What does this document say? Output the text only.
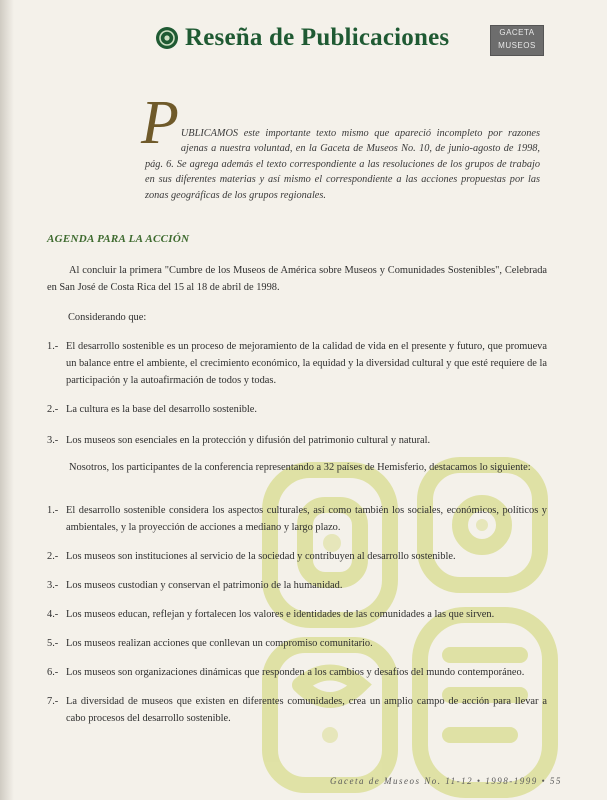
Reseña de Publicaciones	GACETA MUSEOS
P UBLICAMOS este importante texto mismo que apareció incompleto por razones ajenas a nuestra voluntad, en la Gaceta de Museos No. 10, de junio-agosto de 1998, pág. 6. Se agrega además el texto correspondiente a las resoluciones de los grupos de trabajo en sus diferentes materias y así mismo el correspondiente a las acciones propuestas por las zonas geográficas de los grupos regionales.

AGENDA PARA LA ACCIÓN

Al concluir la primera "Cumbre de los Museos de América sobre Museos y Comunidades Sostenibles", Celebrada en San José de Costa Rica del 15 al 18 de abril de 1998.

Considerando que:

1.- El desarrollo sostenible es un proceso de mejoramiento de la calidad de vida en el presente y futuro, que promueva un balance entre el ambiente, el crecimiento económico, la equidad y la diversidad cultural y que esté requiere de la participación y la autoafirmación de todos y todas.
2.- La cultura es la base del desarrollo sostenible.
3.- Los museos son esenciales en la protección y difusión del patrimonio cultural y natural.

Nosotros, los participantes de la conferencia representando a 32 países de Hemisferio, destacamos lo siguiente:

1.- El desarrollo sostenible considera los aspectos culturales, así como también los sociales, económicos, políticos y ambientales, y la proyección de acciones a mediano y largo plazo.
2.- Los museos son instituciones al servicio de la sociedad y contribuyen al desarrollo sostenible.
3.- Los museos custodian y conservan el patrimonio de la humanidad.
4.- Los museos educan, reflejan y fortalecen los valores e identidades de las comunidades a las que sirven.
5.- Los museos realizan acciones que conllevan un compromiso comunitario.
6.- Los museos son organizaciones dinámicas que responden a los cambios y desafíos del mundo contemporáneo.
7.- La diversidad de museos que existen en diferentes comunidades, crea un amplio campo de acción para llevar a cabo procesos del desarrollo sostenible.
Gaceta de Museos No. 11-12 • 1998-1999 • 55
